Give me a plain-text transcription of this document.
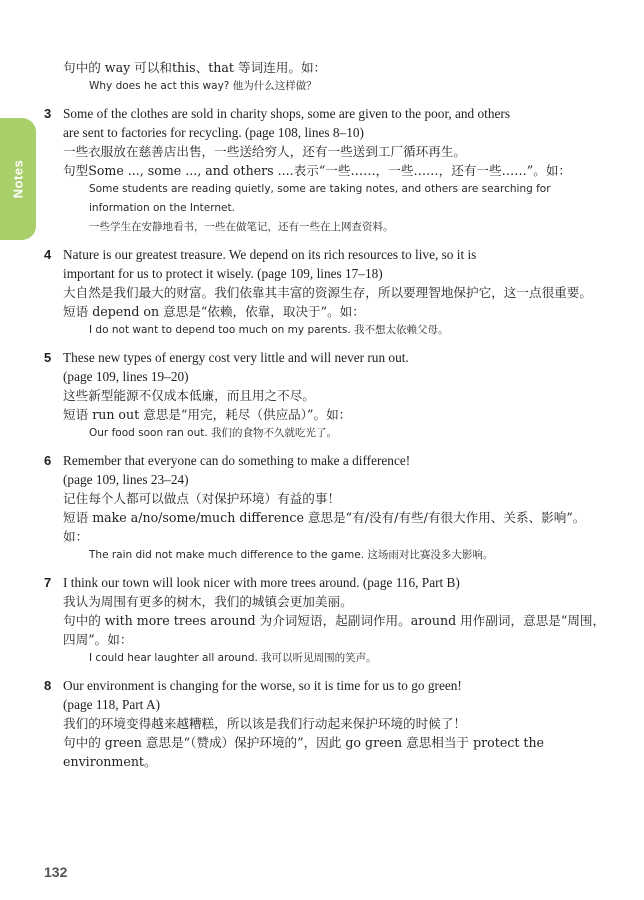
Notes

句中的 way 可以和this、that 等词连用。如：

Why does he act this way? 他为什么这样做？

3 Some of the clothes are sold in charity shops, some are given to the poor, and others

are sent to factories for recycling. (page 108, lines 8–10)

一些衣服放在慈善店出售，一些送给穷人，还有一些送到工厂循环再生。

句型Some ..., some ..., and others ....表示“一些……，一些……，还有一些……”。如：

Some students are reading quietly, some are taking notes, and others are searching for

information on the Internet.

一些学生在安静地看书，一些在做笔记，还有一些在上网查资料。

4 Nature is our greatest treasure. We depend on its rich resources to live, so it is

important for us to protect it wisely. (page 109, lines 17–18)

大自然是我们最大的财富。我们依靠其丰富的资源生存，所以要理智地保护它，这一点很重要。

短语 depend on 意思是“依赖，依靠，取决于”。如：

I do not want to depend too much on my parents. 我不想太依赖父母。

5 These new types of energy cost very little and will never run out.

(page 109, lines 19–20)

这些新型能源不仅成本低廉，而且用之不尽。

短语 run out 意思是“用完，耗尽（供应品）”。如：

Our food soon ran out. 我们的食物不久就吃光了。

6 Remember that everyone can do something to make a difference!

(page 109, lines 23–24)

记住每个人都可以做点（对保护环境）有益的事！

短语 make a/no/some/much difference 意思是“有/没有/有些/有很大作用、关系、影响”。

如：

The rain did not make much difference to the game. 这场雨对比赛没多大影响。

7 I think our town will look nicer with more trees around. (page 116, Part B)

我认为周围有更多的树木，我们的城镇会更加美丽。

句中的 with more trees around 为介词短语，起副词作用。around 用作副词，意思是“周围，

四周”。如：

I could hear laughter all around. 我可以听见周围的笑声。

8 Our environment is changing for the worse, so it is time for us to go green!

(page 118, Part A)

我们的环境变得越来越糟糕，所以该是我们行动起来保护环境的时候了！

句中的 green 意思是“（赞成）保护环境的”，因此 go green 意思相当于 protect the

environment。

132
